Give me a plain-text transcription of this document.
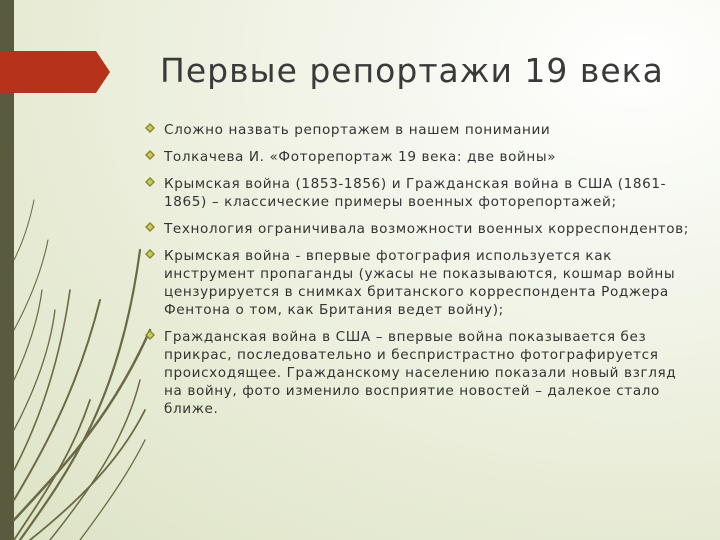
Первые репортажи 19 века
Сложно назвать репортажем в нашем понимании
Толкачева И. «Фоторепортаж 19 века: две войны»
Крымская война (1853-1856) и Гражданская война в США (1861-1865) – классические примеры военных фоторепортажей;
Технология ограничивала возможности военных корреспондентов;
Крымская война - впервые фотография используется как инструмент пропаганды (ужасы не показываются, кошмар войны цензурируется в снимках британского корреспондента Роджера Фентона о том, как Британия ведет войну);
Гражданская война в США – впервые война показывается без прикрас, последовательно и беспристрастно фотографируется происходящее. Гражданскому населению показали новый взгляд на войну, фото изменило восприятие новостей – далекое стало ближе.
